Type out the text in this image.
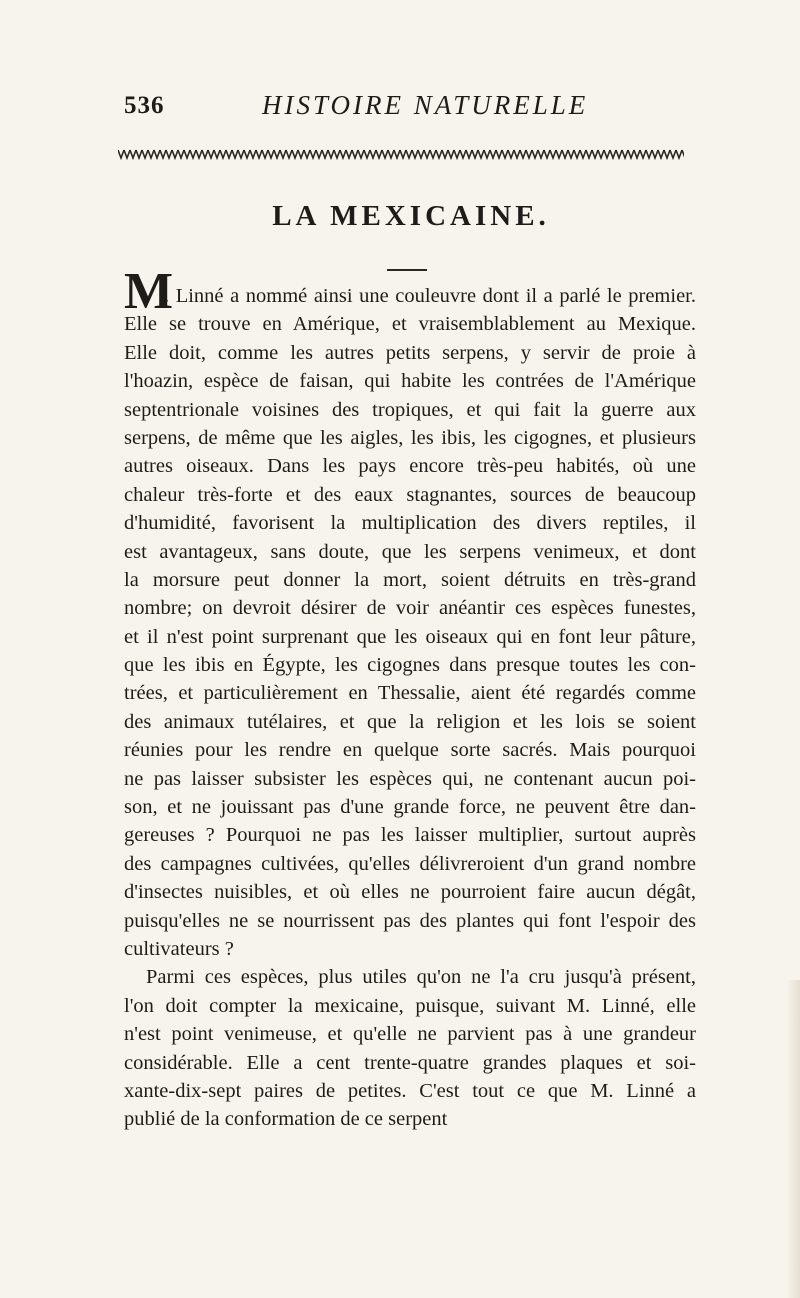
536	HISTOIRE NATURELLE
LA MEXICAINE.
M
. Linné a nommé ainsi une couleuvre dont il a parlé le premier.
Elle se trouve en Amérique, et vraisemblablement au Mexique.
Elle doit, comme les autres petits serpens, y servir de proie à
l'hoazin, espèce de faisan, qui habite les contrées de l'Amérique
septentrionale voisines des tropiques, et qui fait la guerre aux
serpens, de même que les aigles, les ibis, les cigognes, et plusieurs
autres oiseaux. Dans les pays encore très-peu habités, où une
chaleur très-forte et des eaux stagnantes, sources de beaucoup
d'humidité, favorisent la multiplication des divers reptiles, il
est avantageux, sans doute, que les serpens venimeux, et dont
la morsure peut donner la mort, soient détruits en très-grand
nombre; on devroit désirer de voir anéantir ces espèces funestes,
et il n'est point surprenant que les oiseaux qui en font leur pâture,
que les ibis en Égypte, les cigognes dans presque toutes les con-
trées, et particulièrement en Thessalie, aient été regardés comme
des animaux tutélaires, et que la religion et les lois se soient
réunies pour les rendre en quelque sorte sacrés. Mais pourquoi
ne pas laisser subsister les espèces qui, ne contenant aucun poi-
son, et ne jouissant pas d'une grande force, ne peuvent être dan-
gereuses ? Pourquoi ne pas les laisser multiplier, surtout auprès
des campagnes cultivées, qu'elles délivreroient d'un grand nombre
d'insectes nuisibles, et où elles ne pourroient faire aucun dégât,
puisqu'elles ne se nourrissent pas des plantes qui font l'espoir des
cultivateurs ?
Parmi ces espèces, plus utiles qu'on ne l'a cru jusqu'à présent,
l'on doit compter la mexicaine, puisque, suivant M. Linné, elle
n'est point venimeuse, et qu'elle ne parvient pas à une grandeur
considérable. Elle a cent trente-quatre grandes plaques et soi-
xante-dix-sept paires de petites. C'est tout ce que M. Linné a
publié de la conformation de ce serpent
